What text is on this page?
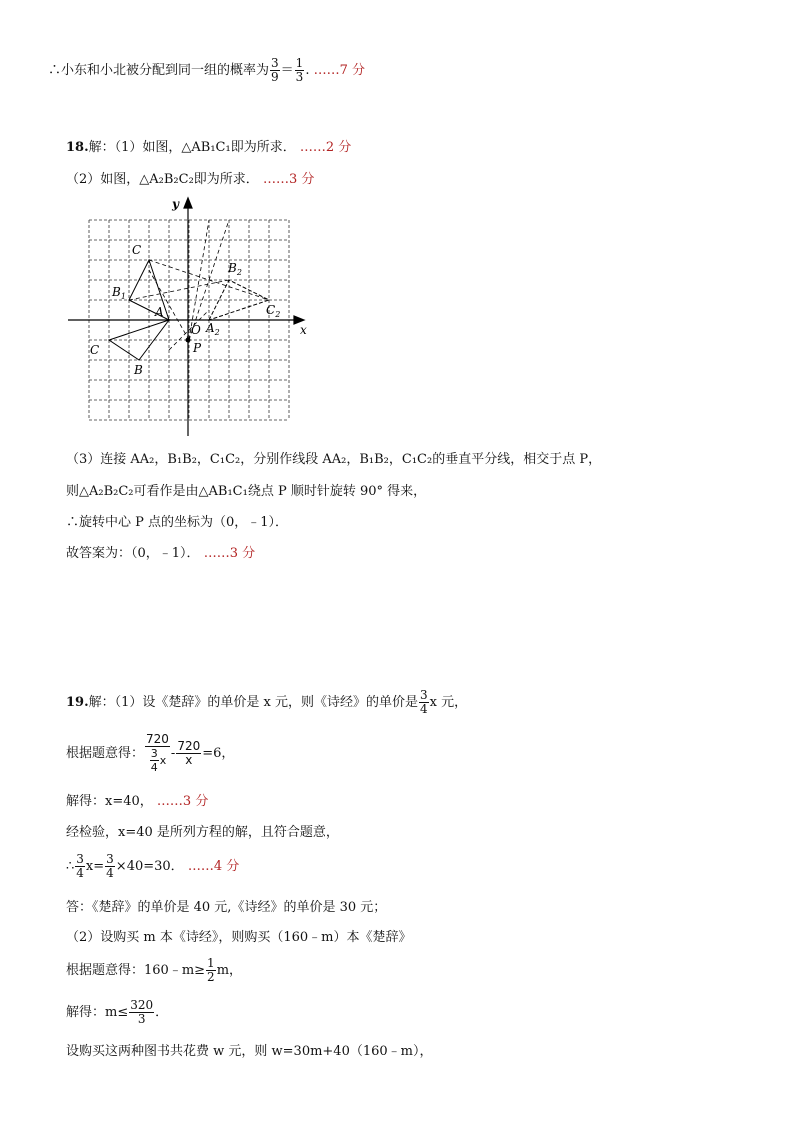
∴小东和小北被分配到同一组的概率为 $\frac{3}{9} = \frac{1}{3}$ . ……7 分
18.解：（1）如图，△AB₁C₁即为所求． ……2 分
（2）如图，△A₂B₂C₂即为所求． ……3 分
x
y
C
$B_1$
A
C
B
$B_2$
$C_2$
$A_2$
O
P
（3）连接 AA₂，B₁B₂，C₁C₂，分别作线段 AA₂，B₁B₂，C₁C₂的垂直平分线，相交于点 P，
则△A₂B₂C₂可看作是由△AB₁C₁绕点 P 顺时针旋转 90° 得来，
∴旋转中心 P 点的坐标为（0，﹣1）．
故答案为：（0，﹣1）． ……3 分
19.解：（1）设《楚辞》的单价是 x 元，则《诗经》的单价是 $\frac{3}{4}$ x 元，
根据题意得： $\frac{720}{\frac{3}{4} x} - \frac{720}{x} =6$，
解得：x=40， ……3 分
经检验，x=40 是所列方程的解，且符合题意，
∴ $\frac{3}{4} x= \frac{3}{4} \times 40=30$． ……4 分
答：《楚辞》的单价是 40 元,《诗经》的单价是 30 元；
（2）设购买 m 本《诗经》，则购买（160﹣m）本《楚辞》
根据题意得：160﹣m≥ $\frac{1}{2}$ m，
解得：$m\le \frac{320}{3}$ ．
设购买这两种图书共花费 w 元，则 w=30m+40（160﹣m），
